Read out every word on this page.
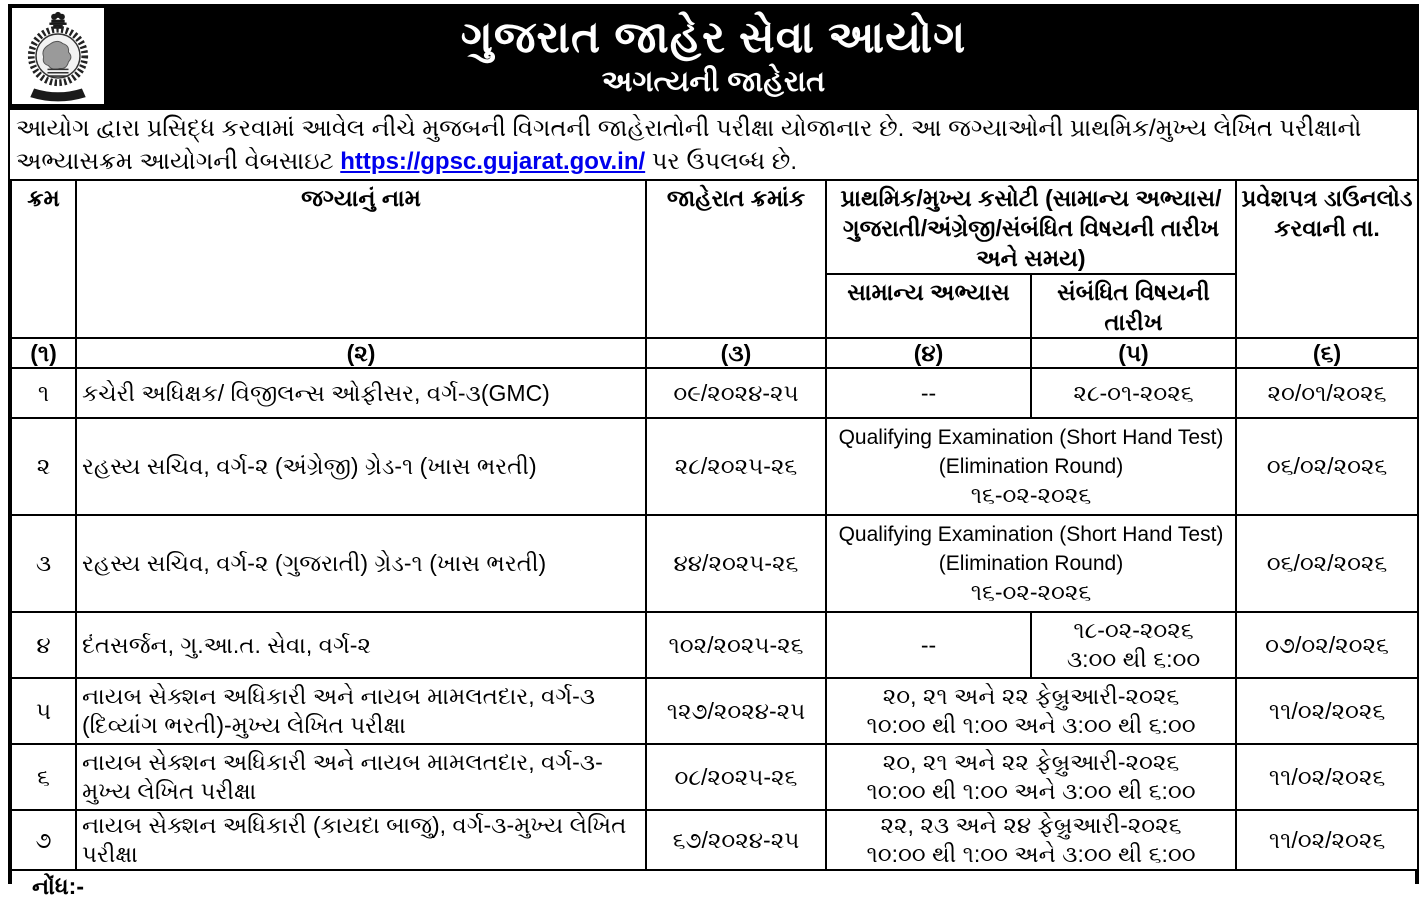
ગુજરાત જાહેર સેવા આયોગ
અગત્યની જાહેરાત
આયોગ દ્વારા પ્રસિદ્ધ કરવામાં આવેલ નીચે મુજબની વિગતની જાહેરાતોની પરીક્ષા યોજાનાર છે. આ જગ્યાઓની પ્રાથમિક/મુખ્ય લેખિત પરીક્ષાનો અભ્યાસક્રમ આયોગની વેબસાઇટ https://gpsc.gujarat.gov.in/ પર ઉપલબ્ધ છે.
ક્રમ	જગ્યાનું નામ	જાહેરાત ક્રમાંક	પ્રાથમિક/મુખ્ય કસોટી (સામાન્ય અભ્યાસ/ ગુજરાતી/અંગ્રેજી/સંબંધિત વિષયની તારીખ અને સમય)		પ્રવેશપત્ર ડાઉનલોડ કરવાની તા.
			સામાન્ય અભ્યાસ	સંબંધિત વિષયની તારીખ	
(૧)	(૨)	(૩)	(૪)	(૫)	(૬)
૧	કચેરી અધિક્ષક/ વિજીલન્સ ઓફીસર, વર્ગ-૩(GMC)	૦૯/૨૦૨૪-૨૫	--	૨૮-૦૧-૨૦૨૬	૨૦/૦૧/૨૦૨૬
૨	રહસ્ય સચિવ, વર્ગ-૨ (અંગ્રેજી) ગ્રેડ-૧ (ખાસ ભરતી)	૨૮/૨૦૨૫-૨૬	Qualifying Examination (Short Hand Test)
(Elimination Round)
૧૬-૦૨-૨૦૨૬		૦૬/૦૨/૨૦૨૬
૩	રહસ્ય સચિવ, વર્ગ-૨ (ગુજરાતી) ગ્રેડ-૧ (ખાસ ભરતી)	૪૪/૨૦૨૫-૨૬	Qualifying Examination (Short Hand Test)
(Elimination Round)
૧૬-૦૨-૨૦૨૬		૦૬/૦૨/૨૦૨૬
૪	દંતસર્જન, ગુ.આ.ત. સેવા, વર્ગ-૨	૧૦૨/૨૦૨૫-૨૬	--	૧૮-૦૨-૨૦૨૬
૩:૦૦ થી ૬:૦૦	૦૭/૦૨/૨૦૨૬
૫	નાયબ સેક્શન અધિકારી અને નાયબ મામલતદાર, વર્ગ-૩ (દિવ્યાંગ ભરતી)-મુખ્ય લેખિત પરીક્ષા	૧૨૭/૨૦૨૪-૨૫	૨૦, ૨૧ અને ૨૨ ફેબ્રુઆરી-૨૦૨૬
૧૦:૦૦ થી ૧:૦૦ અને ૩:૦૦ થી ૬:૦૦		૧૧/૦૨/૨૦૨૬
૬	નાયબ સેક્શન અધિકારી અને નાયબ મામલતદાર, વર્ગ-૩-મુખ્ય લેખિત પરીક્ષા	૦૮/૨૦૨૫-૨૬	૨૦, ૨૧ અને ૨૨ ફેબ્રુઆરી-૨૦૨૬
૧૦:૦૦ થી ૧:૦૦ અને ૩:૦૦ થી ૬:૦૦		૧૧/૦૨/૨૦૨૬
૭	નાયબ સેક્શન અધિકારી (કાયદા બાજુ), વર્ગ-૩-મુખ્ય લેખિત પરીક્ષા	૬૭/૨૦૨૪-૨૫	૨૨, ૨૩ અને ૨૪ ફેબ્રુઆરી-૨૦૨૬
૧૦:૦૦ થી ૧:૦૦ અને ૩:૦૦ થી ૬:૦૦		૧૧/૦૨/૨૦૨૬
નોંધ:-
